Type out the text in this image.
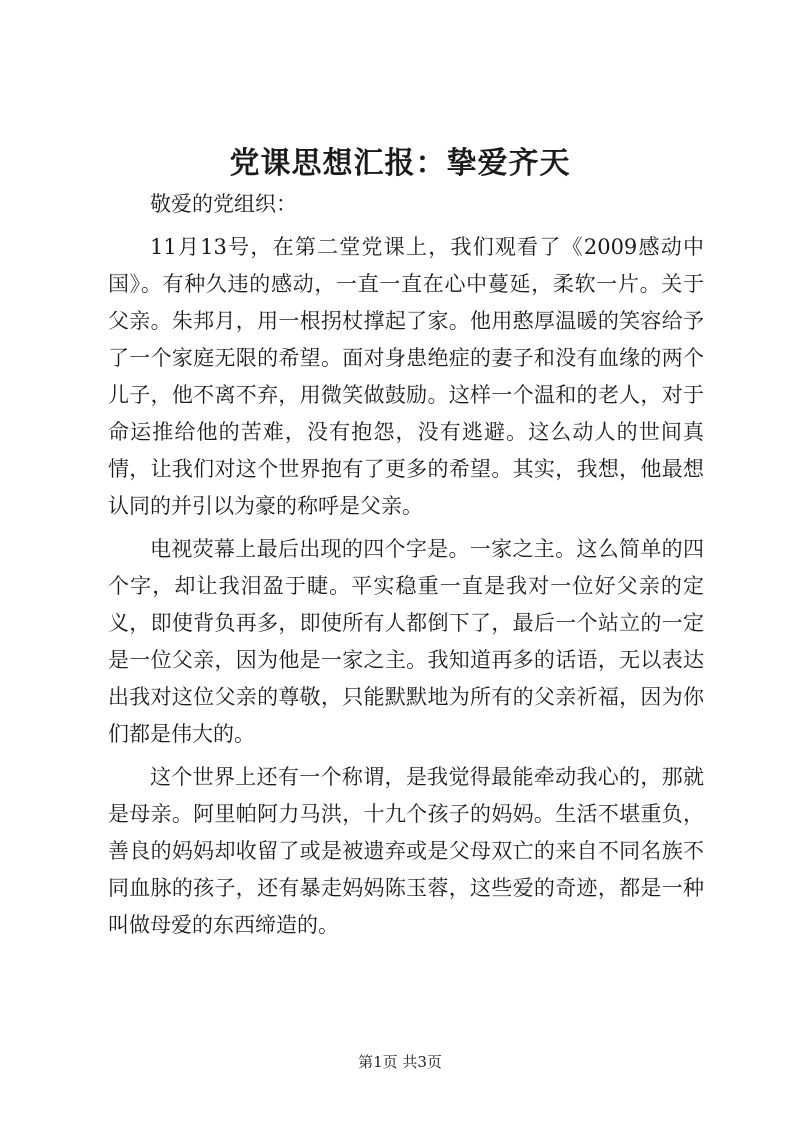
党课思想汇报：挚爱齐天

敬爱的党组织：

11月13号，在第二堂党课上，我们观看了《2009感动中国》。有种久违的感动，一直一直在心中蔓延，柔软一片。关于父亲。朱邦月，用一根拐杖撑起了家。他用憨厚温暖的笑容给予了一个家庭无限的希望。面对身患绝症的妻子和没有血缘的两个儿子，他不离不弃，用微笑做鼓励。这样一个温和的老人，对于命运推给他的苦难，没有抱怨，没有逃避。这么动人的世间真情，让我们对这个世界抱有了更多的希望。其实，我想，他最想认同的并引以为豪的称呼是父亲。

电视荧幕上最后出现的四个字是。一家之主。这么简单的四个字，却让我泪盈于睫。平实稳重一直是我对一位好父亲的定义，即使背负再多，即使所有人都倒下了，最后一个站立的一定是一位父亲，因为他是一家之主。我知道再多的话语，无以表达出我对这位父亲的尊敬，只能默默地为所有的父亲祈福，因为你们都是伟大的。

这个世界上还有一个称谓，是我觉得最能牵动我心的，那就是母亲。阿里帕阿力马洪，十九个孩子的妈妈。生活不堪重负，善良的妈妈却收留了或是被遗弃或是父母双亡的来自不同名族不同血脉的孩子，还有暴走妈妈陈玉蓉，这些爱的奇迹，都是一种叫做母爱的东西缔造的。

第1页 共3页
